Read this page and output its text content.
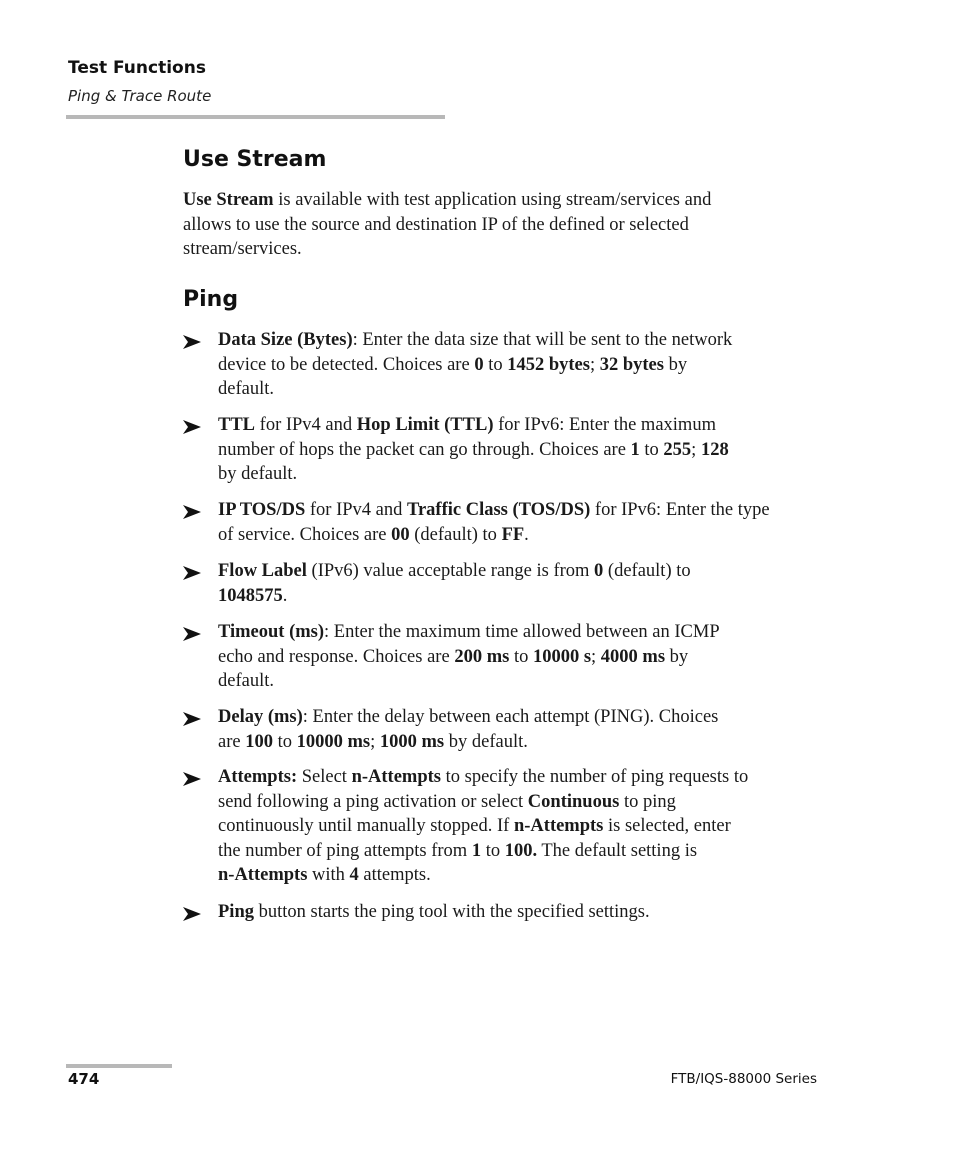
Test Functions
Ping & Trace Route
Use Stream
Use Stream is available with test application using stream/services and
allows to use the source and destination IP of the defined or selected
stream/services.
Ping
Data Size (Bytes): Enter the data size that will be sent to the network
device to be detected. Choices are 0 to 1452 bytes; 32 bytes by
default.
TTL for IPv4 and Hop Limit (TTL) for IPv6: Enter the maximum
number of hops the packet can go through. Choices are 1 to 255; 128
by default.
IP TOS/DS for IPv4 and Traffic Class (TOS/DS) for IPv6: Enter the type
of service. Choices are 00 (default) to FF.
Flow Label (IPv6) value acceptable range is from 0 (default) to
1048575.
Timeout (ms): Enter the maximum time allowed between an ICMP
echo and response. Choices are 200 ms to 10000 s; 4000 ms by
default.
Delay (ms): Enter the delay between each attempt (PING). Choices
are 100 to 10000 ms; 1000 ms by default.
Attempts: Select n-Attempts to specify the number of ping requests to
send following a ping activation or select Continuous to ping
continuously until manually stopped. If n-Attempts is selected, enter
the number of ping attempts from 1 to 100. The default setting is
n-Attempts with 4 attempts.
Ping button starts the ping tool with the specified settings.
474	FTB/IQS-88000 Series
